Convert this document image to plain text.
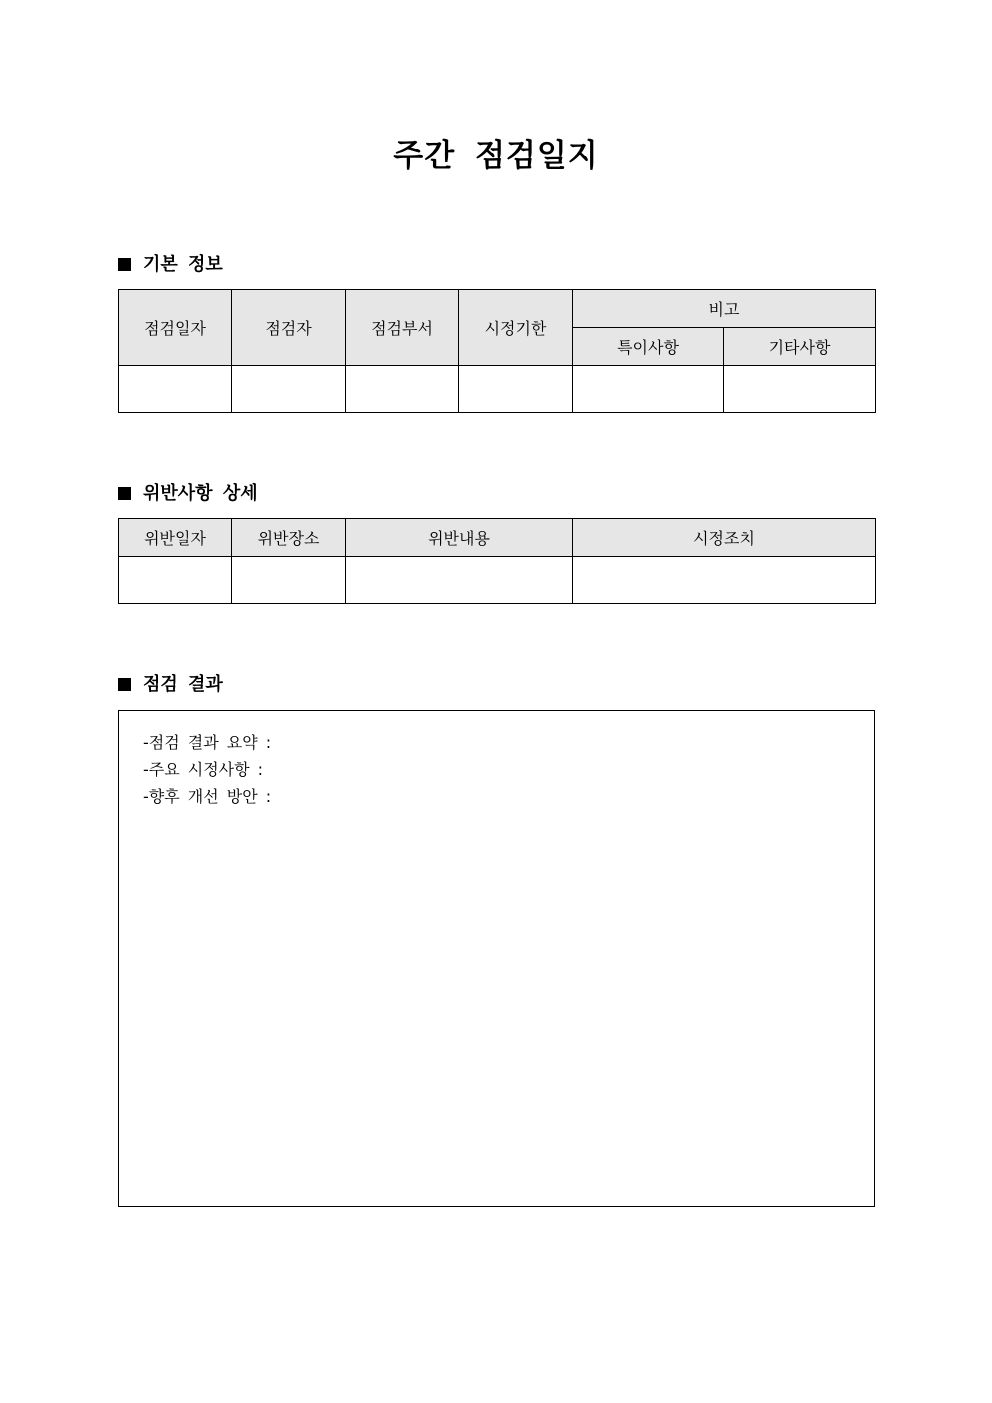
주간 점검일지
기본 정보
점검일자	점검자	점검부서	시정기한	비고	
				특이사항	기타사항

위반사항 상세
위반일자	위반장소	위반내용	시정조치

점검 결과
-점검 결과 요약 :
-주요 시정사항 :
-향후 개선 방안 :
